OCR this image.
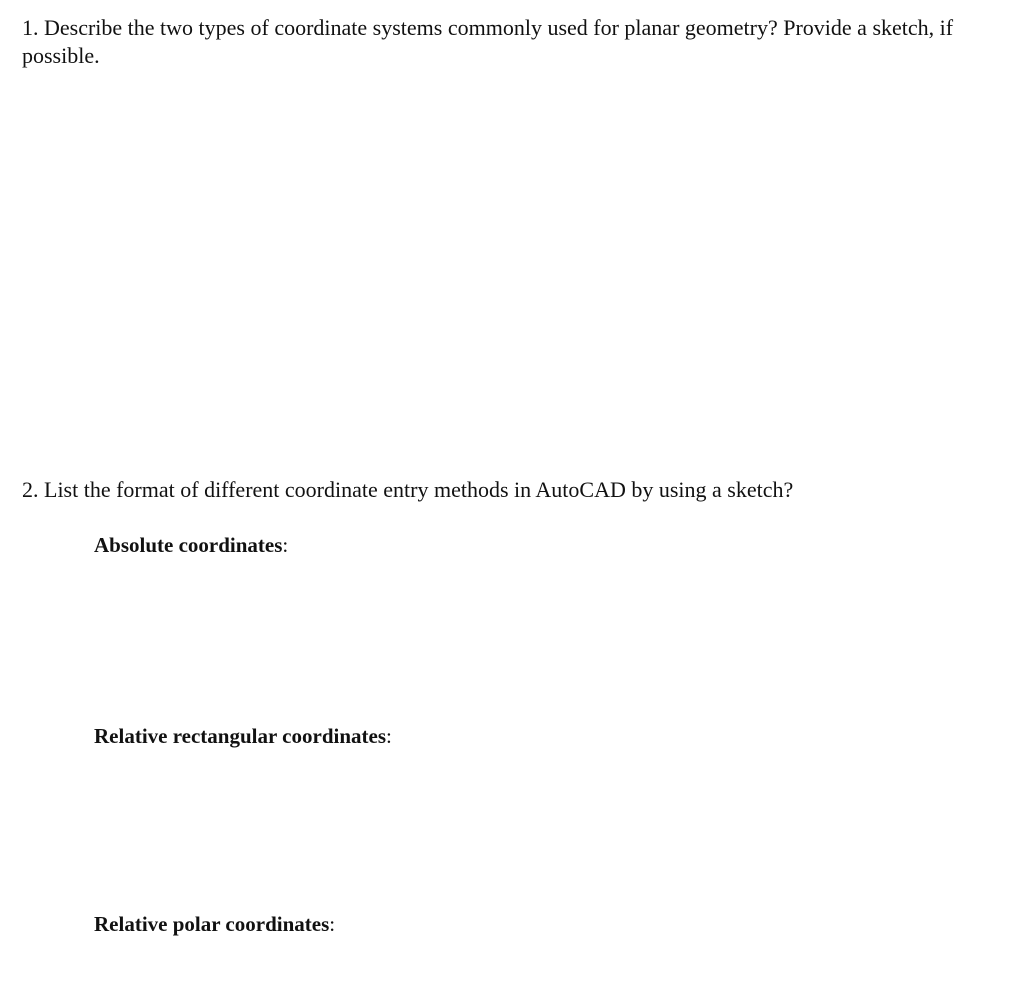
1. Describe the two types of coordinate systems commonly used for planar geometry? Provide a sketch, if possible.

2. List the format of different coordinate entry methods in AutoCAD by using a sketch?

Absolute coordinates:

Relative rectangular coordinates:

Relative polar coordinates:
